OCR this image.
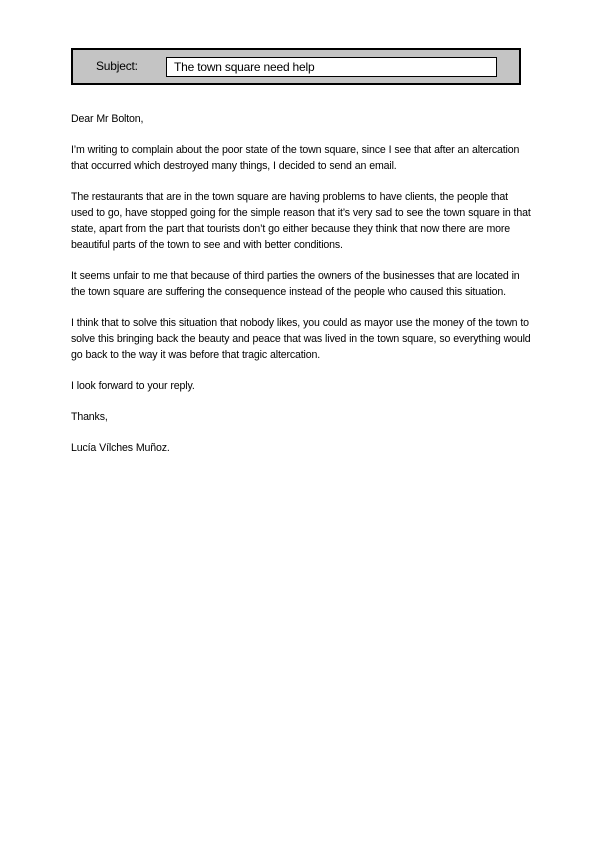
Subject:
The town square need help

Dear Mr Bolton,

I’m writing to complain about the poor state of the town square, since I see that after an altercation that occurred which destroyed many things, I decided to send an email.

The restaurants that are in the town square are having problems to have clients, the people that used to go, have stopped going for the simple reason that it’s very sad to see the town square in that state, apart from the part that tourists don’t go either because they think that now there are more beautiful parts of the town to see and with better conditions.

It seems unfair to me that because of third parties the owners of the businesses that are located in the town square are suffering the consequence instead of the people who caused this situation.

I think that to solve this situation that nobody likes, you could as mayor use the money of the town to solve this bringing back the beauty and peace that was lived in the town square, so everything would go back to the way it was before that tragic altercation.

I look forward to your reply.

Thanks,

Lucía Vílches Muñoz.
